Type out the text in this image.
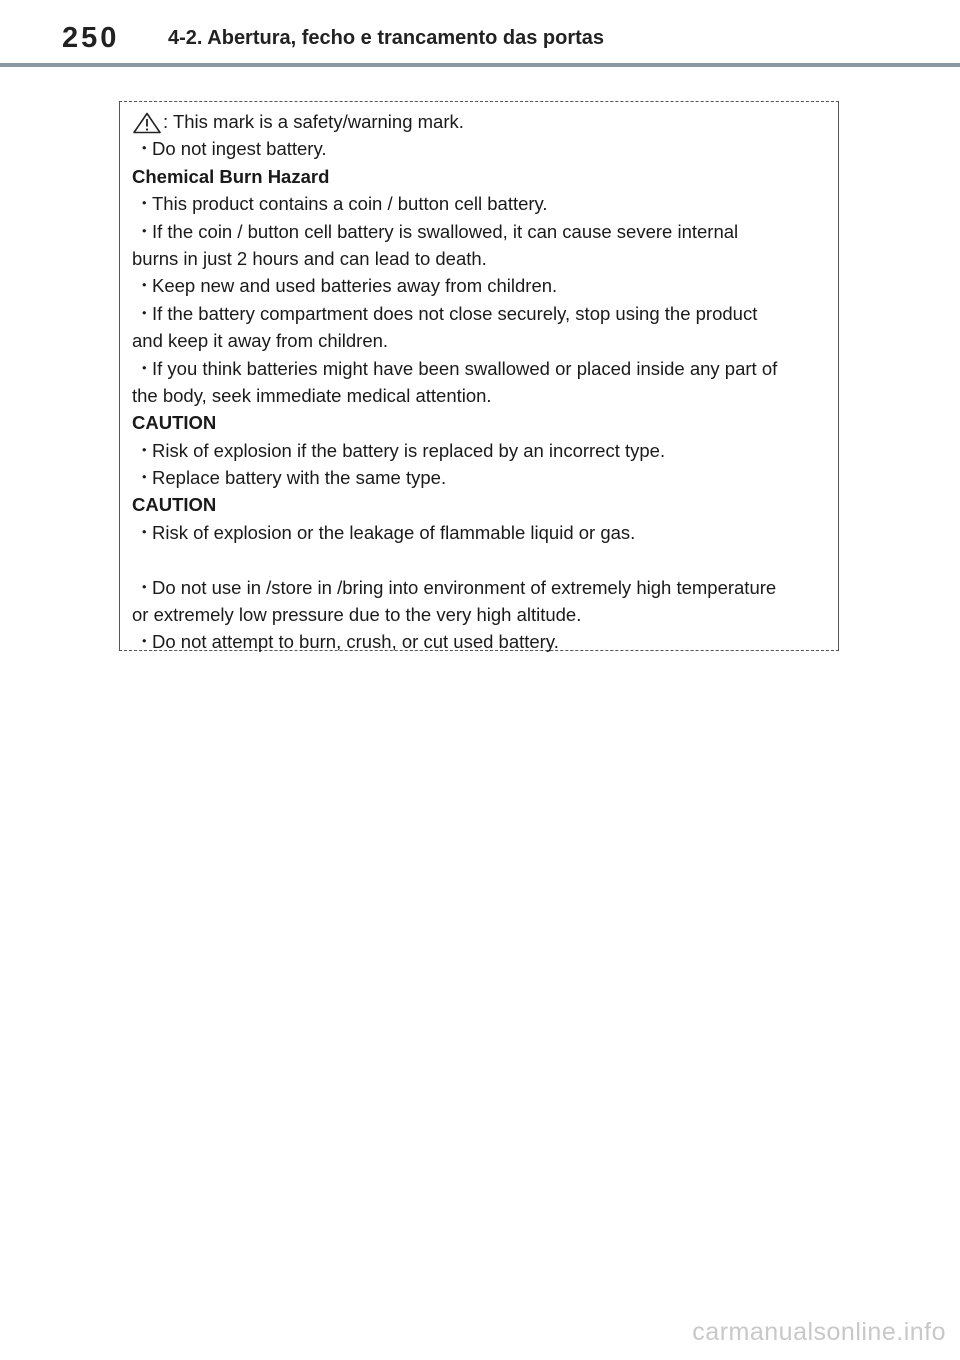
250 4-2. Abertura, fecho e trancamento das portas
: This mark is a safety/warning mark.
・Do not ingest battery.
Chemical Burn Hazard
・This product contains a coin / button cell battery.
・If the coin / button cell battery is swallowed, it can cause severe internal
burns in just 2 hours and can lead to death.
・Keep new and used batteries away from children.
・If the battery compartment does not close securely, stop using the product
and keep it away from children.
・If you think batteries might have been swallowed or placed inside any part of
the body, seek immediate medical attention.
CAUTION
・Risk of explosion if the battery is replaced by an incorrect type.
・Replace battery with the same type.
CAUTION
・Risk of explosion or the leakage of flammable liquid or gas.
・Do not use in /store in /bring into environment of extremely high temperature
or extremely low pressure due to the very high altitude.
・Do not attempt to burn, crush, or cut used battery.
carmanualsonline.info
